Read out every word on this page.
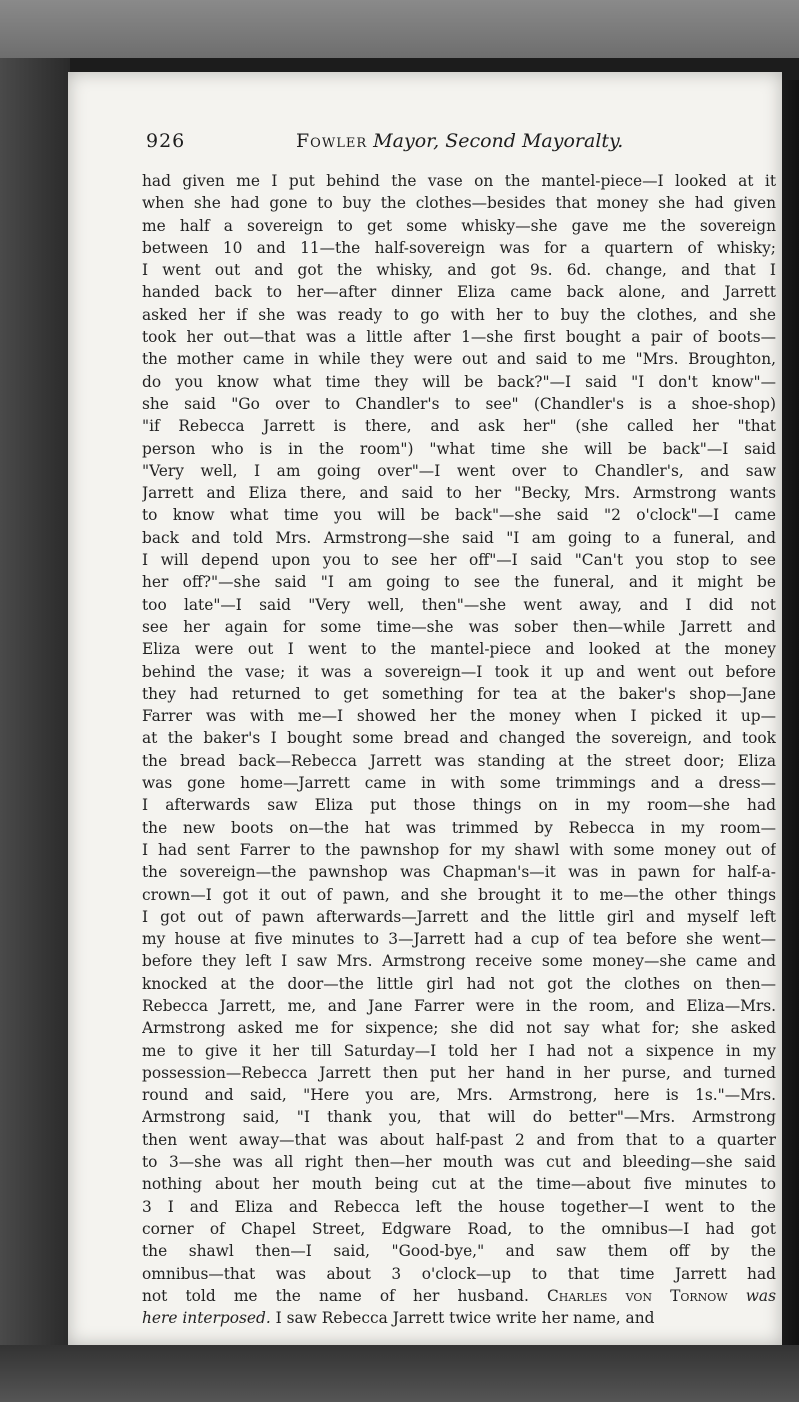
926	Fowler Mayor, Second Mayoralty.
had given me I put behind the vase on the mantel-piece—I looked at it
when she had gone to buy the clothes—besides that money she had given
me half a sovereign to get some whisky—she gave me the sovereign
between 10 and 11—the half-sovereign was for a quartern of whisky;
I went out and got the whisky, and got 9s. 6d. change, and that I
handed back to her—after dinner Eliza came back alone, and Jarrett
asked her if she was ready to go with her to buy the clothes, and she
took her out—that was a little after 1—she first bought a pair of boots—
the mother came in while they were out and said to me "Mrs. Broughton,
do you know what time they will be back?"—I said "I don't know"—
she said "Go over to Chandler's to see" (Chandler's is a shoe-shop)
"if Rebecca Jarrett is there, and ask her" (she called her "that
person who is in the room") "what time she will be back"—I said
"Very well, I am going over"—I went over to Chandler's, and saw
Jarrett and Eliza there, and said to her "Becky, Mrs. Armstrong wants
to know what time you will be back"—she said "2 o'clock"—I came
back and told Mrs. Armstrong—she said "I am going to a funeral, and
I will depend upon you to see her off"—I said "Can't you stop to see
her off?"—she said "I am going to see the funeral, and it might be
too late"—I said "Very well, then"—she went away, and I did not
see her again for some time—she was sober then—while Jarrett and
Eliza were out I went to the mantel-piece and looked at the money
behind the vase; it was a sovereign—I took it up and went out before
they had returned to get something for tea at the baker's shop—Jane
Farrer was with me—I showed her the money when I picked it up—
at the baker's I bought some bread and changed the sovereign, and took
the bread back—Rebecca Jarrett was standing at the street door; Eliza
was gone home—Jarrett came in with some trimmings and a dress—
I afterwards saw Eliza put those things on in my room—she had
the new boots on—the hat was trimmed by Rebecca in my room—
I had sent Farrer to the pawnshop for my shawl with some money out of
the sovereign—the pawnshop was Chapman's—it was in pawn for half-a-
crown—I got it out of pawn, and she brought it to me—the other things
I got out of pawn afterwards—Jarrett and the little girl and myself left
my house at five minutes to 3—Jarrett had a cup of tea before she went—
before they left I saw Mrs. Armstrong receive some money—she came and
knocked at the door—the little girl had not got the clothes on then—
Rebecca Jarrett, me, and Jane Farrer were in the room, and Eliza—Mrs.
Armstrong asked me for sixpence; she did not say what for; she asked
me to give it her till Saturday—I told her I had not a sixpence in my
possession—Rebecca Jarrett then put her hand in her purse, and turned
round and said, "Here you are, Mrs. Armstrong, here is 1s."—Mrs.
Armstrong said, "I thank you, that will do better"—Mrs. Armstrong
then went away—that was about half-past 2 and from that to a quarter
to 3—she was all right then—her mouth was cut and bleeding—she said
nothing about her mouth being cut at the time—about five minutes to
3 I and Eliza and Rebecca left the house together—I went to the
corner of Chapel Street, Edgware Road, to the omnibus—I had got
the shawl then—I said, "Good-bye," and saw them off by the
omnibus—that was about 3 o'clock—up to that time Jarrett had
not told me the name of her husband. Charles von Tornow was
here interposed. I saw Rebecca Jarrett twice write her name, and
